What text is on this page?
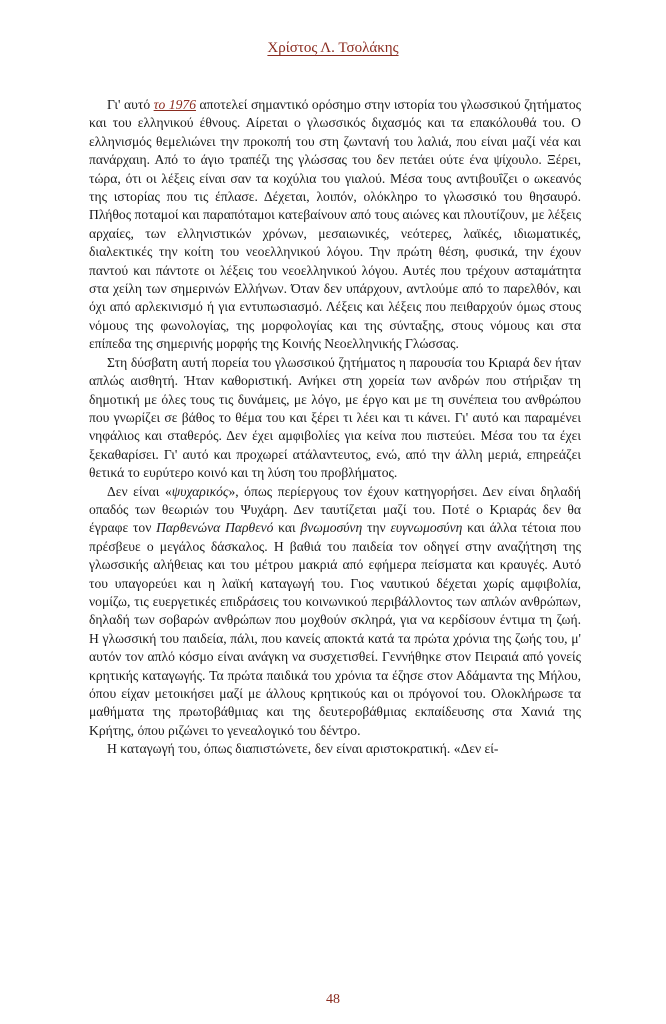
Χρίστος Λ. Τσολάκης

Γι' αυτό το 1976 αποτελεί σημαντικό ορόσημο στην ιστορία του γλωσσικού ζητήματος και του ελληνικού έθνους. Αίρεται ο γλωσσικός διχασμός και τα επακόλουθά του. Ο ελληνισμός θεμελιώνει την προκοπή του στη ζωντανή του λαλιά, που είναι μαζί νέα και πανάρχαιη. Από το άγιο τραπέζι της γλώσσας του δεν πετάει ούτε ένα ψίχουλο. Ξέρει, τώρα, ότι οι λέξεις είναι σαν τα κοχύλια του γιαλού. Μέσα τους αντιβουΐζει ο ωκεανός της ιστορίας που τις έπλασε. Δέχεται, λοιπόν, ολόκληρο το γλωσσικό του θησαυρό. Πλήθος ποταμοί και παραπόταμοι κατεβαίνουν από τους αιώνες και πλουτίζουν, με λέξεις αρχαίες, των ελληνιστικών χρόνων, μεσαιωνικές, νεότερες, λαϊκές, ιδιωματικές, διαλεκτικές την κοίτη του νεοελληνικού λόγου. Την πρώτη θέση, φυσικά, την έχουν παντού και πάντοτε οι λέξεις του νεοελληνικού λόγου. Αυτές που τρέχουν ασταμάτητα στα χείλη των σημερινών Ελλήνων. Όταν δεν υπάρχουν, αντλούμε από το παρελθόν, και όχι από αρλεκινισμό ή για εντυπωσιασμό. Λέξεις και λέξεις που πειθαρχούν όμως στους νόμους της φωνολογίας, της μορφολογίας και της σύνταξης, στους νόμους και στα επίπεδα της σημερινής μορφής της Κοινής Νεοελληνικής Γλώσσας.

Στη δύσβατη αυτή πορεία του γλωσσικού ζητήματος η παρουσία του Κριαρά δεν ήταν απλώς αισθητή. Ήταν καθοριστική. Ανήκει στη χορεία των ανδρών που στήριξαν τη δημοτική με όλες τους τις δυνάμεις, με λόγο, με έργο και με τη συνέπεια του ανθρώπου που γνωρίζει σε βάθος το θέμα του και ξέρει τι λέει και τι κάνει. Γι' αυτό και παραμένει νηφάλιος και σταθερός. Δεν έχει αμφιβολίες για κείνα που πιστεύει. Μέσα του τα έχει ξεκαθαρίσει. Γι' αυτό και προχωρεί ατάλαντευτος, ενώ, από την άλλη μεριά, επηρεάζει θετικά το ευρύτερο κοινό και τη λύση του προβλήματος.

Δεν είναι «ψυχαρικός», όπως περίεργους τον έχουν κατηγορήσει. Δεν είναι δηλαδή οπαδός των θεωριών του Ψυχάρη. Δεν ταυτίζεται μαζί του. Ποτέ ο Κριαράς δεν θα έγραφε τον Παρθενώνα Παρθενό και βνωμοσύνη την ευγνωμοσύνη και άλλα τέτοια που πρέσβευε ο μεγάλος δάσκαλος. Η βαθιά του παιδεία τον οδηγεί στην αναζήτηση της γλωσσικής αλήθειας και του μέτρου μακριά από εφήμερα πείσματα και κραυγές. Αυτό του υπαγορεύει και η λαϊκή καταγωγή του. Γιος ναυτικού δέχεται χωρίς αμφιβολία, νομίζω, τις ευεργετικές επιδράσεις του κοινωνικού περιβάλλοντος των απλών ανθρώπων, δηλαδή των σοβαρών ανθρώπων που μοχθούν σκληρά, για να κερδίσουν έντιμα τη ζωή. Η γλωσσική του παιδεία, πάλι, που κανείς αποκτά κατά τα πρώτα χρόνια της ζωής του, μ' αυτόν τον απλό κόσμο είναι ανάγκη να συσχετισθεί. Γεννήθηκε στον Πειραιά από γονείς κρητικής καταγωγής. Τα πρώτα παιδικά του χρόνια τα έζησε στον Αδάμαντα της Μήλου, όπου είχαν μετοικήσει μαζί με άλλους κρητικούς και οι πρόγονοί του. Ολοκλήρωσε τα μαθήματα της πρωτοβάθμιας και της δευτεροβάθμιας εκπαίδευσης στα Χανιά της Κρήτης, όπου ριζώνει το γενεαλογικό του δέντρο.

Η καταγωγή του, όπως διαπιστώνετε, δεν είναι αριστοκρατική. «Δεν εί-

48
